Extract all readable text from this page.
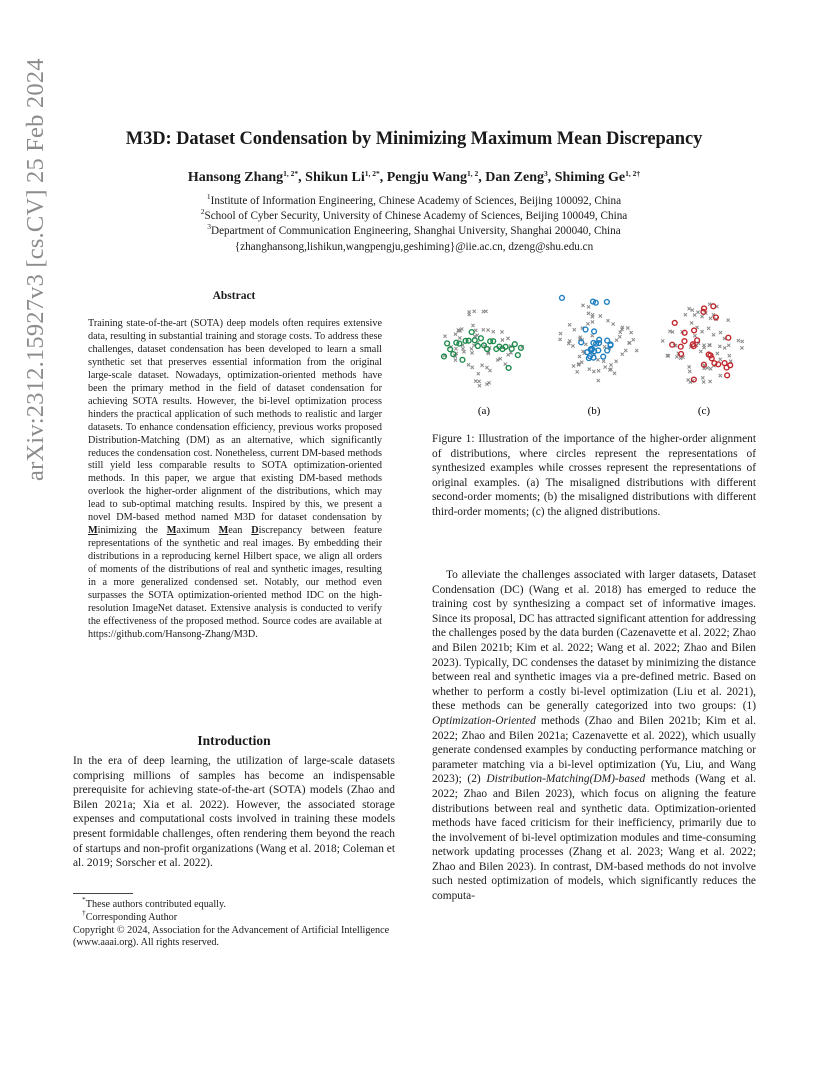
M3D: Dataset Condensation by Minimizing Maximum Mean Discrepancy
Hansong Zhang$^{1, 2*}$, Shikun $Li^{1, 2*}$, Pengju Wang$^{1, 2}$, Dan Zeng$^3$, Shiming $Ge^{1, 2\dagger}$
$^1$Institute of Information Engineering, Chinese Academy of Sciences, Beijing 100092, China
$^2$School of Cyber Security, University of Chinese Academy of Sciences, Beijing 100049, China
$^3$Department of Communication Engineering, Shanghai University, Shanghai 200040, China
{zhanghansong,lishikun,wangpengju,geshiming}@iie.ac.cn, dzeng@shu.edu.cn
arXiv:2312.15927v3 [cs.CV] 25 Feb 2024	Abstract
Training state-of-the-art (SOTA) deep models often requires extensive data, resulting in substantial training and storage costs. To address these challenges, dataset condensation has been developed to learn a small synthetic set that preserves essential information from the original large-scale dataset. Nowadays, optimization-oriented methods have been the primary method in the field of dataset condensation for achieving SOTA results. However, the bi-level optimization process hinders the practical application of such methods to realistic and larger datasets. To enhance condensation efficiency, previous works proposed Distribution-Matching (DM) as an alternative, which significantly reduces the condensation cost. Nonetheless, current DM-based methods still yield less comparable results to SOTA optimization-oriented methods. In this paper, we argue that existing DM-based methods overlook the higher-order alignment of the distributions, which may lead to sub-optimal matching results. Inspired by this, we present a novel DM-based method named M3D for dataset condensation by Minimizing the Maximum Mean Discrepancy between feature representations of the synthetic and real images. By embedding their distributions in a reproducing kernel Hilbert space, we align all orders of moments of the distributions of real and synthetic images, resulting in a more generalized condensed set. Notably, our method even surpasses the SOTA optimization-oriented method IDC on the high-resolution ImageNet dataset. Extensive analysis is conducted to verify the effectiveness of the proposed method. Source codes are available at https://github.com/Hansong-Zhang/M3D.
Introduction
In the era of deep learning, the utilization of large-scale datasets comprising millions of samples has become an indispensable prerequisite for achieving state-of-the-art (SOTA) models (Zhao and Bilen 2021a; Xia et al. 2022). However, the associated storage expenses and computational costs involved in training these models present formidable challenges, often rendering them beyond the reach of startups and non-profit organizations (Wang et al. 2018; Coleman et al. 2019; Sorscher et al. 2022).
*These authors contributed equally.
†Corresponding Author
Copyright © 2024, Association for the Advancement of Artificial Intelligence (www.aaai.org). All rights reserved.
(a)	(b)	(c)
Figure 1: Illustration of the importance of the higher-order alignment of distributions, where circles represent the representations of synthesized examples while crosses represent the representations of original examples. (a) The misaligned distributions with different second-order moments; (b) the misaligned distributions with different third-order moments; (c) the aligned distributions.
To alleviate the challenges associated with larger datasets, Dataset Condensation (DC) (Wang et al. 2018) has emerged to reduce the training cost by synthesizing a compact set of informative images. Since its proposal, DC has attracted significant attention for addressing the challenges posed by the data burden (Cazenavette et al. 2022; Zhao and Bilen 2021b; Kim et al. 2022; Wang et al. 2022; Zhao and Bilen 2023). Typically, DC condenses the dataset by minimizing the distance between real and synthetic images via a pre-defined metric. Based on whether to perform a costly bi-level optimization (Liu et al. 2021), these methods can be generally categorized into two groups: (1) Optimization-Oriented methods (Zhao and Bilen 2021b; Kim et al. 2022; Zhao and Bilen 2021a; Cazenavette et al. 2022), which usually generate condensed examples by conducting performance matching or parameter matching via a bi-level optimization (Yu, Liu, and Wang 2023); (2) Distribution-Matching(DM)-based methods (Wang et al. 2022; Zhao and Bilen 2023), which focus on aligning the feature distributions between real and synthetic data. Optimization-oriented methods have faced criticism for their inefficiency, primarily due to the involvement of bi-level optimization modules and time-consuming network updating processes (Zhang et al. 2023; Wang et al. 2022; Zhao and Bilen 2023). In contrast, DM-based methods do not involve such nested optimization of models, which significantly reduces the computa-
